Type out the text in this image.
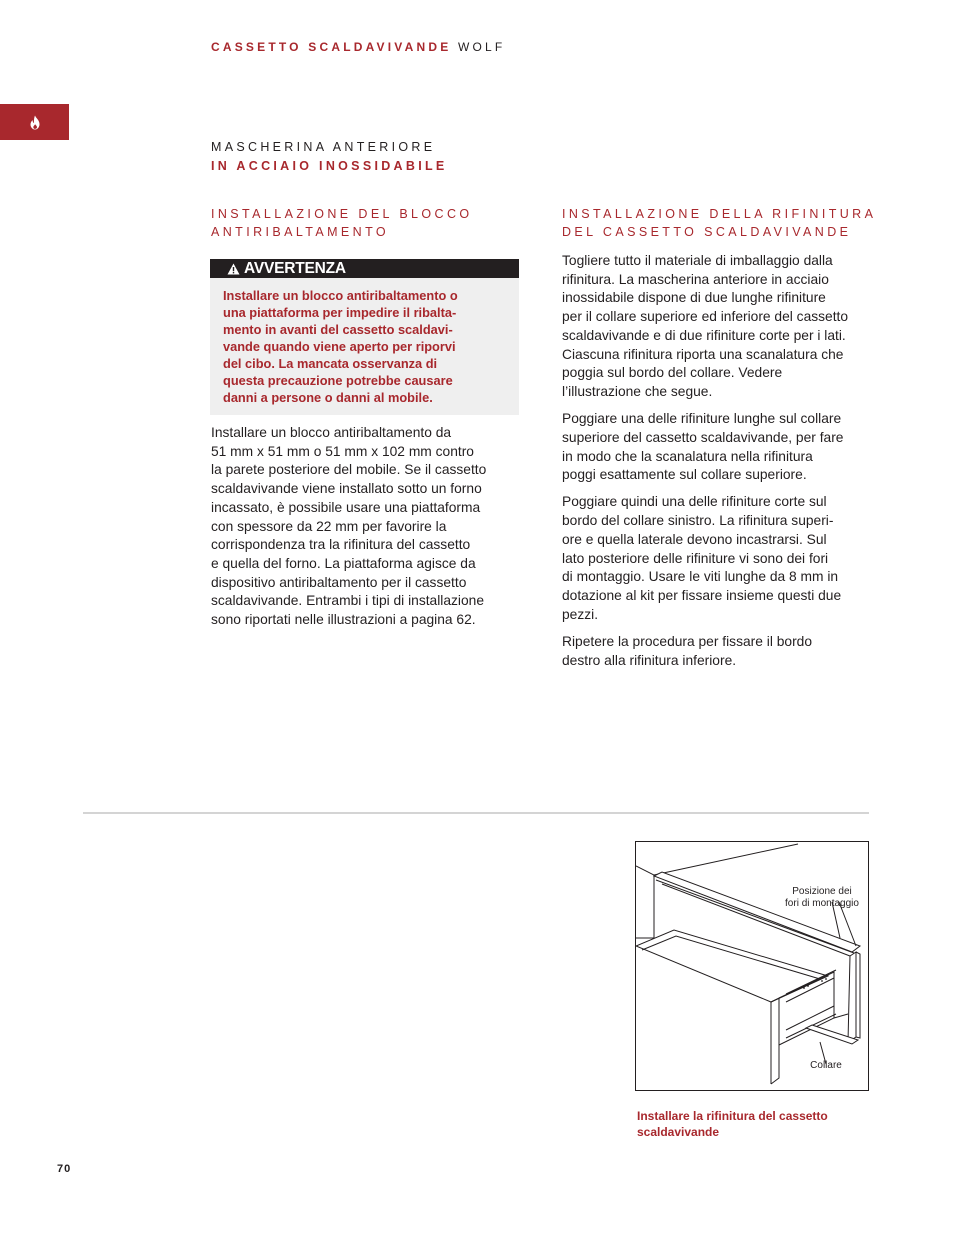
CASSETTO SCALDAVIVANDE WOLF
MASCHERINA ANTERIORE
IN ACCIAIO INOSSIDABILE
INSTALLAZIONE DEL BLOCCO
ANTIRIBALTAMENTO
AVVERTENZA
Installare un blocco antiribaltamento o
una piattaforma per impedire il ribalta-
mento in avanti del cassetto scaldavi-
vande quando viene aperto per riporvi
del cibo. La mancata osservanza di
questa precauzione potrebbe causare
danni a persone o danni al mobile.
Installare un blocco antiribaltamento da
51 mm x 51 mm o 51 mm x 102 mm contro
la parete posteriore del mobile. Se il cassetto
scaldavivande viene installato sotto un forno
incassato, è possibile usare una piattaforma
con spessore da 22 mm per favorire la
corrispondenza tra la rifinitura del cassetto
e quella del forno. La piattaforma agisce da
dispositivo antiribaltamento per il cassetto
scaldavivande. Entrambi i tipi di installazione
sono riportati nelle illustrazioni a pagina 62.
INSTALLAZIONE DELLA RIFINITURA
DEL CASSETTO SCALDAVIVANDE

Togliere tutto il materiale di imballaggio dalla
rifinitura. La mascherina anteriore in acciaio
inossidabile dispone di due lunghe rifiniture
per il collare superiore ed inferiore del cassetto
scaldavivande e di due rifiniture corte per i lati.
Ciascuna rifinitura riporta una scanalatura che
poggia sul bordo del collare. Vedere
l’illustrazione che segue.

Poggiare una delle rifiniture lunghe sul collare
superiore del cassetto scaldavivande, per fare
in modo che la scanalatura nella rifinitura
poggi esattamente sul collare superiore.

Poggiare quindi una delle rifiniture corte sul
bordo del collare sinistro. La rifinitura superi-
ore e quella laterale devono incastrarsi. Sul
lato posteriore delle rifiniture vi sono dei fori
di montaggio. Usare le viti lunghe da 8 mm in
dotazione al kit per fissare insieme questi due
pezzi.

Ripetere la procedura per fissare il bordo
destro alla rifinitura inferiore.

Posizione dei
fori di montaggio
Collare
Installare la rifinitura del cassetto
scaldavivande
70
